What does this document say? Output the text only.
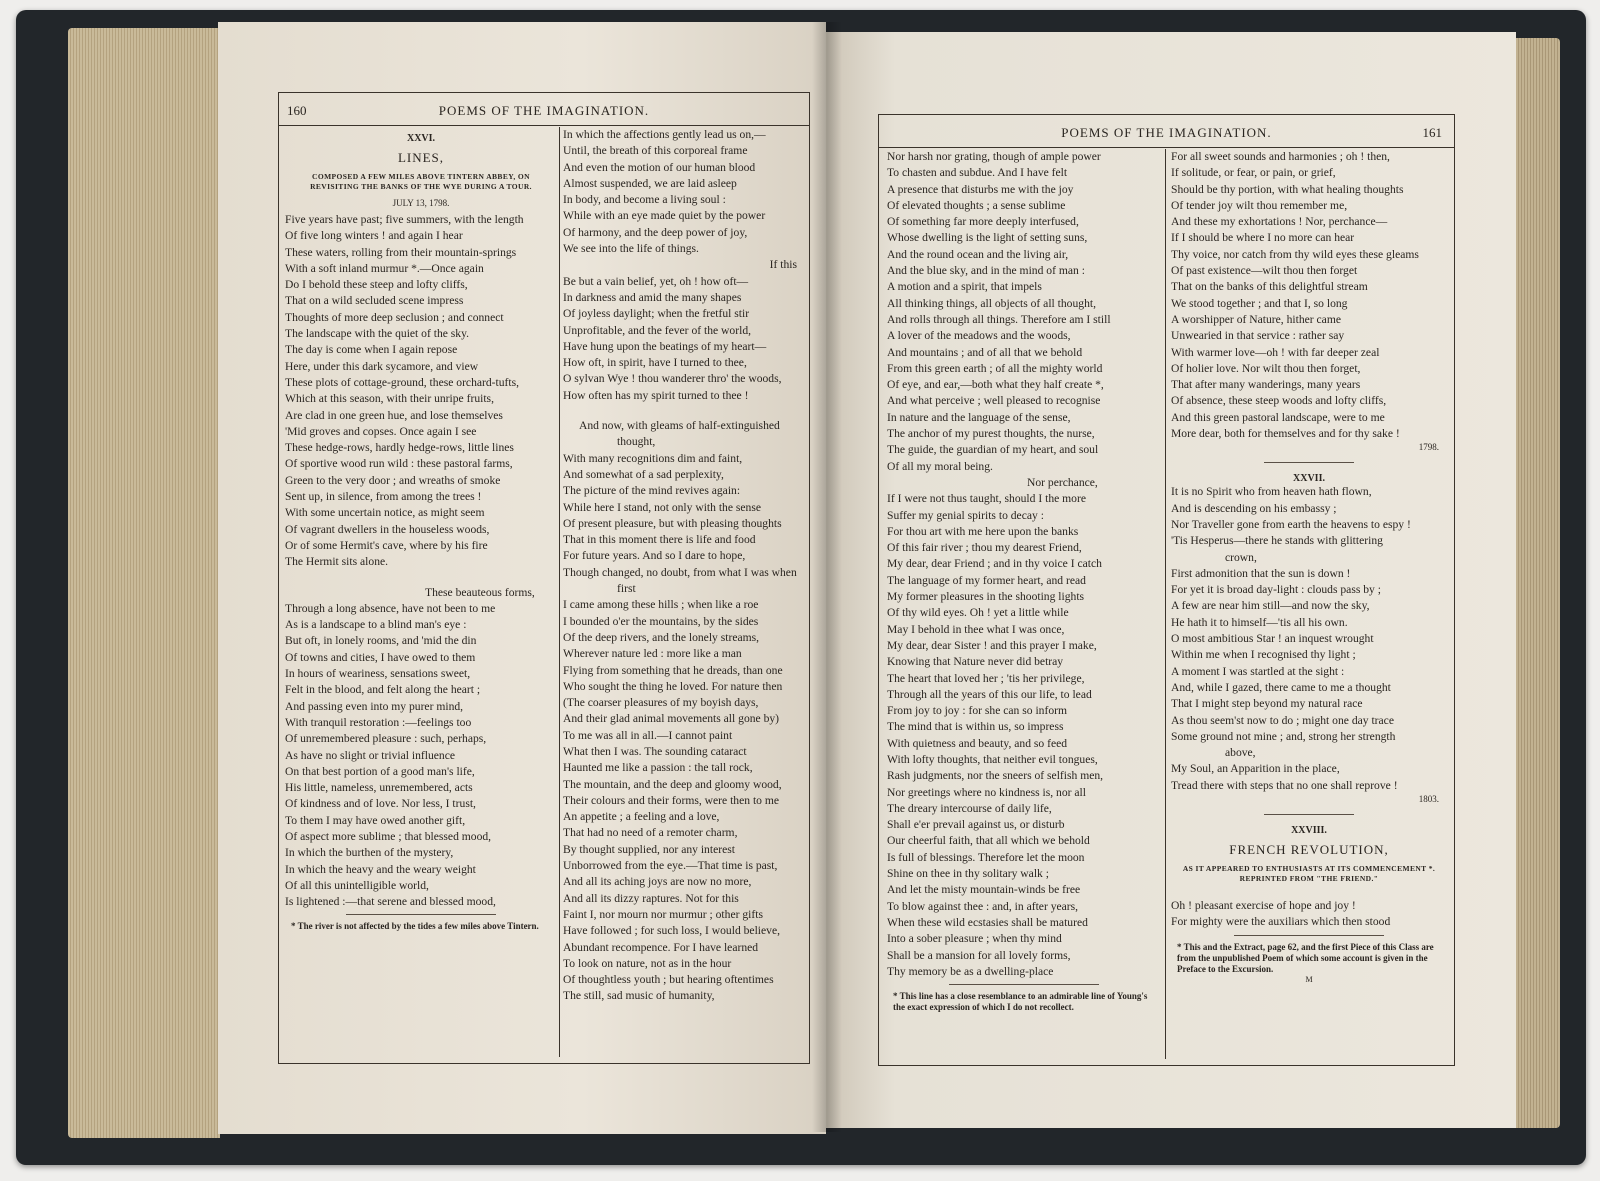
160	POEMS OF THE IMAGINATION.
XXVI.
LINES,
COMPOSED A FEW MILES ABOVE TINTERN ABBEY, ON REVISITING THE BANKS OF THE WYE DURING A TOUR.
JULY 13, 1798.
Five years have past; five summers, with the length
Of five long winters ! and again I hear
These waters, rolling from their mountain-springs
With a soft inland murmur *.—Once again
Do I behold these steep and lofty cliffs,
That on a wild secluded scene impress
Thoughts of more deep seclusion ; and connect
The landscape with the quiet of the sky.
The day is come when I again repose
Here, under this dark sycamore, and view
These plots of cottage-ground, these orchard-tufts,
Which at this season, with their unripe fruits,
Are clad in one green hue, and lose themselves
'Mid groves and copses. Once again I see
These hedge-rows, hardly hedge-rows, little lines
Of sportive wood run wild : these pastoral farms,
Green to the very door ; and wreaths of smoke
Sent up, in silence, from among the trees !
With some uncertain notice, as might seem
Of vagrant dwellers in the houseless woods,
Or of some Hermit's cave, where by his fire
The Hermit sits alone.
These beauteous forms,
Through a long absence, have not been to me
As is a landscape to a blind man's eye :
But oft, in lonely rooms, and 'mid the din
Of towns and cities, I have owed to them
In hours of weariness, sensations sweet,
Felt in the blood, and felt along the heart ;
And passing even into my purer mind,
With tranquil restoration :—feelings too
Of unremembered pleasure : such, perhaps,
As have no slight or trivial influence
On that best portion of a good man's life,
His little, nameless, unremembered, acts
Of kindness and of love. Nor less, I trust,
To them I may have owed another gift,
Of aspect more sublime ; that blessed mood,
In which the burthen of the mystery,
In which the heavy and the weary weight
Of all this unintelligible world,
Is lightened :—that serene and blessed mood,
* The river is not affected by the tides a few miles above Tintern.
In which the affections gently lead us on,—
Until, the breath of this corporeal frame
And even the motion of our human blood
Almost suspended, we are laid asleep
In body, and become a living soul :
While with an eye made quiet by the power
Of harmony, and the deep power of joy,
We see into the life of things.
If this
Be but a vain belief, yet, oh ! how oft—
In darkness and amid the many shapes
Of joyless daylight; when the fretful stir
Unprofitable, and the fever of the world,
Have hung upon the beatings of my heart—
How oft, in spirit, have I turned to thee,
O sylvan Wye ! thou wanderer thro' the woods,
How often has my spirit turned to thee !
And now, with gleams of half-extinguished
thought,
With many recognitions dim and faint,
And somewhat of a sad perplexity,
The picture of the mind revives again:
While here I stand, not only with the sense
Of present pleasure, but with pleasing thoughts
That in this moment there is life and food
For future years. And so I dare to hope,
Though changed, no doubt, from what I was when
first
I came among these hills ; when like a roe
I bounded o'er the mountains, by the sides
Of the deep rivers, and the lonely streams,
Wherever nature led : more like a man
Flying from something that he dreads, than one
Who sought the thing he loved. For nature then
(The coarser pleasures of my boyish days,
And their glad animal movements all gone by)
To me was all in all.—I cannot paint
What then I was. The sounding cataract
Haunted me like a passion : the tall rock,
The mountain, and the deep and gloomy wood,
Their colours and their forms, were then to me
An appetite ; a feeling and a love,
That had no need of a remoter charm,
By thought supplied, nor any interest
Unborrowed from the eye.—That time is past,
And all its aching joys are now no more,
And all its dizzy raptures. Not for this
Faint I, nor mourn nor murmur ; other gifts
Have followed ; for such loss, I would believe,
Abundant recompence. For I have learned
To look on nature, not as in the hour
Of thoughtless youth ; but hearing oftentimes
The still, sad music of humanity,
POEMS OF THE IMAGINATION.	161
Nor harsh nor grating, though of ample power
To chasten and subdue. And I have felt
A presence that disturbs me with the joy
Of elevated thoughts ; a sense sublime
Of something far more deeply interfused,
Whose dwelling is the light of setting suns,
And the round ocean and the living air,
And the blue sky, and in the mind of man :
A motion and a spirit, that impels
All thinking things, all objects of all thought,
And rolls through all things. Therefore am I still
A lover of the meadows and the woods,
And mountains ; and of all that we behold
From this green earth ; of all the mighty world
Of eye, and ear,—both what they half create *,
And what perceive ; well pleased to recognise
In nature and the language of the sense,
The anchor of my purest thoughts, the nurse,
The guide, the guardian of my heart, and soul
Of all my moral being.
Nor perchance,
If I were not thus taught, should I the more
Suffer my genial spirits to decay :
For thou art with me here upon the banks
Of this fair river ; thou my dearest Friend,
My dear, dear Friend ; and in thy voice I catch
The language of my former heart, and read
My former pleasures in the shooting lights
Of thy wild eyes. Oh ! yet a little while
May I behold in thee what I was once,
My dear, dear Sister ! and this prayer I make,
Knowing that Nature never did betray
The heart that loved her ; 'tis her privilege,
Through all the years of this our life, to lead
From joy to joy : for she can so inform
The mind that is within us, so impress
With quietness and beauty, and so feed
With lofty thoughts, that neither evil tongues,
Rash judgments, nor the sneers of selfish men,
Nor greetings where no kindness is, nor all
The dreary intercourse of daily life,
Shall e'er prevail against us, or disturb
Our cheerful faith, that all which we behold
Is full of blessings. Therefore let the moon
Shine on thee in thy solitary walk ;
And let the misty mountain-winds be free
To blow against thee : and, in after years,
When these wild ecstasies shall be matured
Into a sober pleasure ; when thy mind
Shall be a mansion for all lovely forms,
Thy memory be as a dwelling-place
* This line has a close resemblance to an admirable line of Young's the exact expression of which I do not recollect.
For all sweet sounds and harmonies ; oh ! then,
If solitude, or fear, or pain, or grief,
Should be thy portion, with what healing thoughts
Of tender joy wilt thou remember me,
And these my exhortations ! Nor, perchance—
If I should be where I no more can hear
Thy voice, nor catch from thy wild eyes these gleams
Of past existence—wilt thou then forget
That on the banks of this delightful stream
We stood together ; and that I, so long
A worshipper of Nature, hither came
Unwearied in that service : rather say
With warmer love—oh ! with far deeper zeal
Of holier love. Nor wilt thou then forget,
That after many wanderings, many years
Of absence, these steep woods and lofty cliffs,
And this green pastoral landscape, were to me
More dear, both for themselves and for thy sake !
1798.
XXVII.
It is no Spirit who from heaven hath flown,
And is descending on his embassy ;
Nor Traveller gone from earth the heavens to espy !
'Tis Hesperus—there he stands with glittering
crown,
First admonition that the sun is down !
For yet it is broad day-light : clouds pass by ;
A few are near him still—and now the sky,
He hath it to himself—'tis all his own.
O most ambitious Star ! an inquest wrought
Within me when I recognised thy light ;
A moment I was startled at the sight :
And, while I gazed, there came to me a thought
That I might step beyond my natural race
As thou seem'st now to do ; might one day trace
Some ground not mine ; and, strong her strength
above,
My Soul, an Apparition in the place,
Tread there with steps that no one shall reprove !
1803.
XXVIII.
FRENCH REVOLUTION,
AS IT APPEARED TO ENTHUSIASTS AT ITS COMMENCEMENT *. REPRINTED FROM "THE FRIEND."
Oh ! pleasant exercise of hope and joy !
For mighty were the auxiliars which then stood
* This and the Extract, page 62, and the first Piece of this Class are from the unpublished Poem of which some account is given in the Preface to the Excursion.
M
